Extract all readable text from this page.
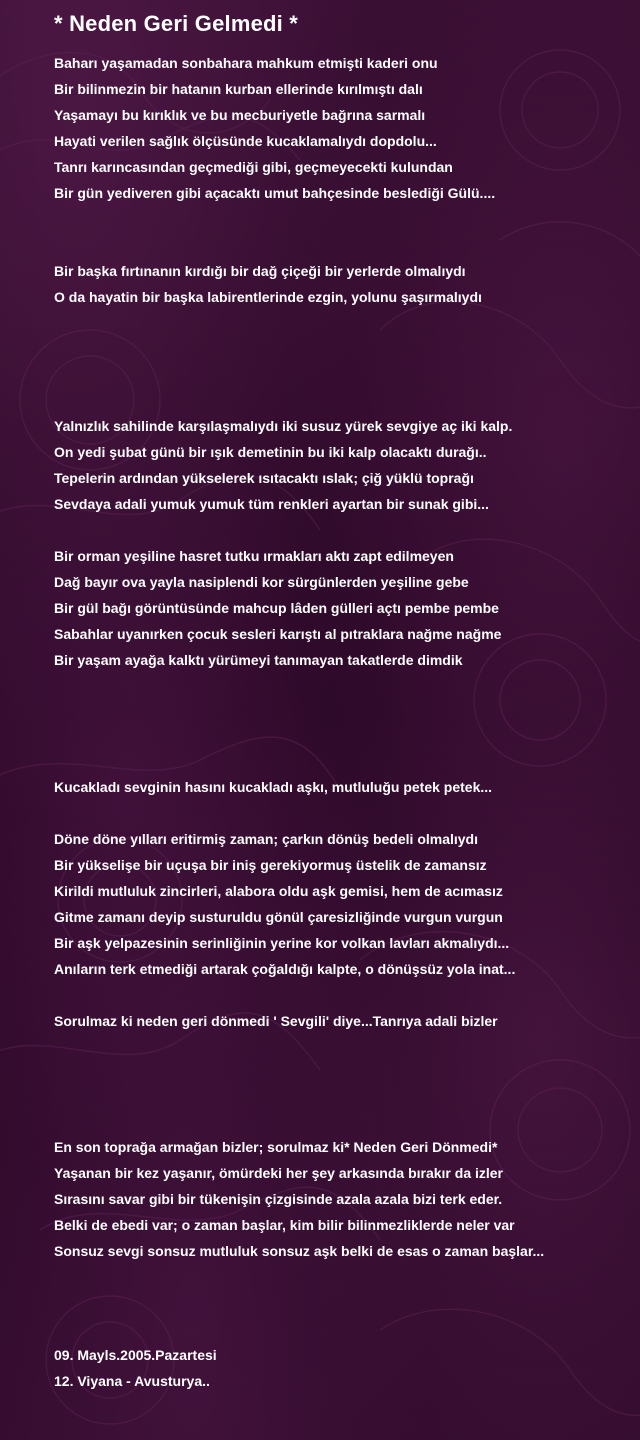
* Neden Geri Gelmedi *
Baharı yaşamadan sonbahara mahkum etmişti kaderi onu
Bir bilinmezin bir hatanın kurban ellerinde kırılmıştı dalı
Yaşamayı bu kırıklık ve bu mecburiyetle bağrına sarmalı
Hayati verilen sağlık ölçüsünde kucaklamalıydı dopdolu...
Tanrı karıncasından geçmediği gibi, geçmeyecekti kulundan
Bir gün yediveren gibi açacaktı umut bahçesinde beslediği Gülü....
Bir başka fırtınanın kırdığı bir dağ çiçeği bir yerlerde olmalıydı
O da hayatin bir başka labirentlerinde ezgin, yolunu şaşırmalıydı
Yalnızlık sahilinde karşılaşmalıydı iki susuz yürek sevgiye aç iki kalp.
On yedi şubat günü bir ışık demetinin bu iki kalp olacaktı durağı..
Tepelerin ardından yükselerek ısıtacaktı ıslak; çiğ yüklü toprağı
Sevdaya adali yumuk yumuk tüm renkleri ayartan bir sunak gibi...
Bir orman yeşiline hasret tutku ırmakları aktı zapt edilmeyen
Dağ bayır ova yayla nasiplendi kor sürgünlerden yeşiline gebe
Bir gül bağı görüntüsünde mahcup lâden gülleri açtı pembe pembe
Sabahlar uyanırken çocuk sesleri karıştı al pıtraklara nağme nağme
Bir yaşam ayağa kalktı yürümeyi tanımayan takatlerde dimdik
Kucakladı sevginin hasını kucakladı aşkı, mutluluğu petek petek...
Döne döne yılları eritirmiş zaman; çarkın dönüş bedeli olmalıydı
Bir yükselişe bir uçuşa bir iniş gerekiyormuş üstelik de zamansız
Kirildi mutluluk zincirleri, alabora oldu aşk gemisi, hem de acımasız
Gitme zamanı deyip susturuldu gönül çaresizliğinde vurgun vurgun
Bir aşk yelpazesinin serinliğinin yerine kor volkan lavları akmalıydı...
Anıların terk etmediği artarak çoğaldığı kalpte, o dönüşsüz yola inat...
Sorulmaz ki neden geri dönmedi ' Sevgili' diye...Tanrıya adali bizler
En son toprağa armağan bizler; sorulmaz ki* Neden Geri Dönmedi*
Yaşanan bir kez yaşanır, ömürdeki her şey arkasında bırakır da izler
Sırasını savar gibi bir tükenişin çizgisinde azala azala bizi terk eder.
Belki de ebedi var; o zaman başlar, kim bilir bilinmezliklerde neler var
Sonsuz sevgi sonsuz mutluluk sonsuz aşk belki de esas o zaman başlar...
09. Mayls.2005.Pazartesi
12. Viyana - Avusturya..
